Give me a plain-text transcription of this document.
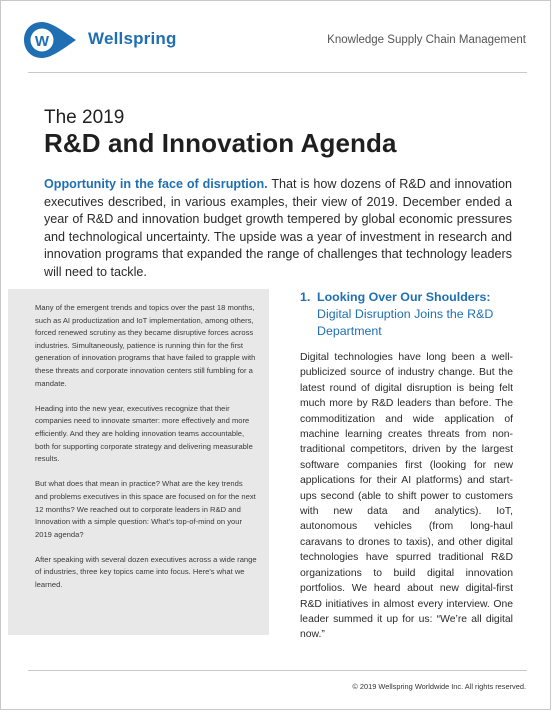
W Wellspring	Knowledge Supply Chain Management
The 2019
R&D and Innovation Agenda
Opportunity in the face of disruption. That is how dozens of R&D and innovation executives described, in various examples, their view of 2019. December ended a year of R&D and innovation budget growth tempered by global economic pressures and technological uncertainty. The upside was a year of investment in research and innovation programs that expanded the range of challenges that technology leaders will need to tackle.

Many of the emergent trends and topics over the past 18 months, such as AI productization and IoT implementation, among others, forced renewed scrutiny as they became disruptive forces across industries. Simultaneously, patience is running thin for the first generation of innovation programs that have failed to grapple with these threats and corporate innovation centers still fumbling for a mandate.

Heading into the new year, executives recognize that their companies need to innovate smarter: more effectively and more efficiently. And they are holding innovation teams accountable, both for supporting corporate strategy and delivering measurable results.

But what does that mean in practice? What are the key trends and problems executives in this space are focused on for the next 12 months? We reached out to corporate leaders in R&D and Innovation with a simple question: What's top-of-mind on your 2019 agenda?

After speaking with several dozen executives across a wide range of industries, three key topics came into focus. Here's what we learned.

1. Looking Over Our Shoulders:
Digital Disruption Joins the R&D Department
Digital technologies have long been a well-publicized source of industry change. But the latest round of digital disruption is being felt much more by R&D leaders than before. The commoditization and wide application of machine learning creates threats from non-traditional competitors, driven by the largest software companies first (looking for new applications for their AI platforms) and start-ups second (able to shift power to customers with new data and analytics). IoT, autonomous vehicles (from long-haul caravans to drones to taxis), and other digital technologies have spurred traditional R&D organizations to build digital innovation portfolios. We heard about new digital-first R&D initiatives in almost every interview. One leader summed it up for us: “We’re all digital now.”
© 2019 Wellspring Worldwide Inc. All rights reserved.
